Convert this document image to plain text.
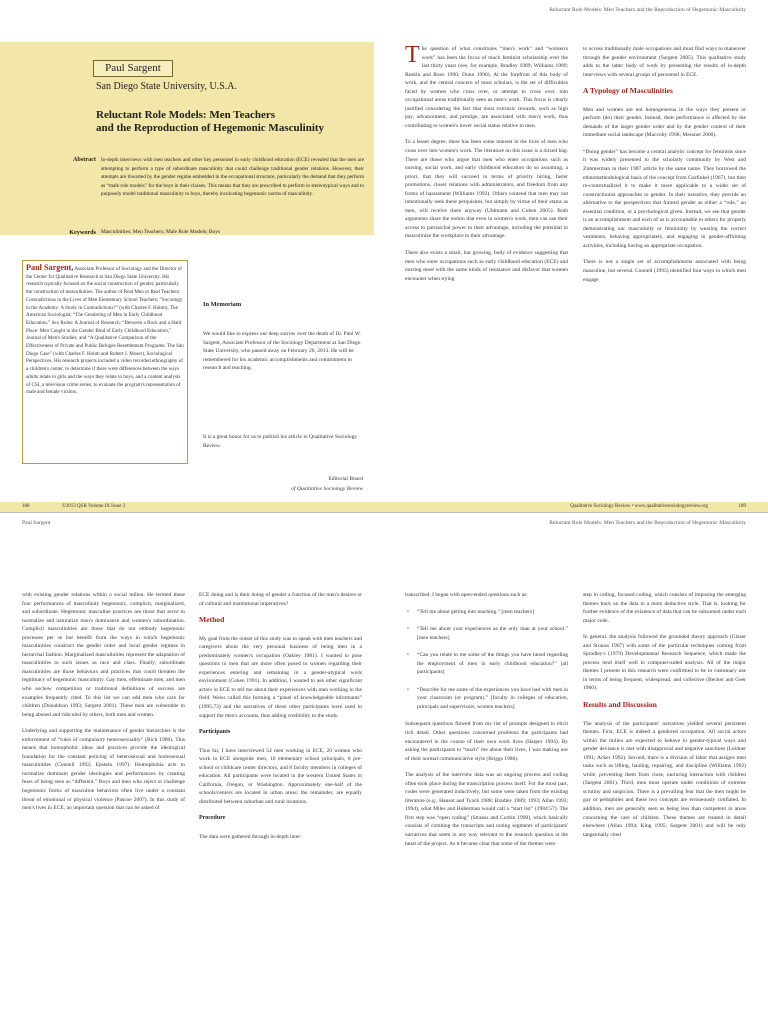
Reluctant Role Models: Men Teachers and the Reproduction of Hegemonic Masculinity
Paul Sargent
San Diego State University, U.S.A.
Reluctant Role Models: Men Teachers
and the Reproduction of Hegemonic Masculinity
Abstract In-depth interviews with men teachers and other key personnel in early childhood education (ECE) revealed that the men are attempting to perform a type of subordinate masculinity that could challenge traditional gender relations. However, their attempts are thwarted by the gender regime embedded in the occupational structure, particularly the demand that they perform as “male role models” for the boys in their classes. This means that they are prescribed to perform in stereotypical ways and to purposely model traditional masculinity to boys, thereby inculcating hegemonic norms of masculinity.
Keywords Masculinities; Men Teachers; Male Role Models; Boys
Paul Sargent, Associate Professor of Sociology and the Director of the Center for Qualitative Research at San Diego State University. His research typically focused on the social construction of gender, particularly the construction of masculinities. The author of Real Men or Real Teachers: Contradictions in the Lives of Men Elementary School Teachers; “Sociology in the Academy: A Study in Contradictions?” (with Charles F. Hohm), The American Sociologist; “The Gendering of Men in Early Childhood Education,” Sex Roles: A Journal of Research; “Between a Rock and a Hard Place: Men Caught in the Gender Bind of Early Childhood Education,” Journal of Men's Studies; and “A Qualitative Comparison of the Effectiveness of Private and Public Refugee Resettlement Programs: The San Diego Case” (with Charles F. Hohm and Robert J. Moser), Sociological Perspectives. His research projects included a video recorded ethnography of a children's center, to determine if there were differences between the ways adults relate to girls and the ways they relate to boys, and a content analysis of CSI, a television crime series, to evaluate the program's representation of male and female victims.
In Memoriam
We would like to express our deep sorrow over the death of Dr. Paul W. Sargent, Associate Professor of the Sociology Department at San Diego State University, who passed away on February 20, 2013. He will be remembered for his academic accomplishments and commitment to research and teaching.
It is a great honor for us to publish his article in Qualitative Sociology Review.
Editorial Board
of Qualitative Sociology Review

The question of what constitutes “men's work” and “women's work” has been the focus of much feminist scholarship over the last thirty years (see, for example, Bradley 1989; Williams 1989; Reskin and Roos 1990; Dunn 1996). At the forefront of this body of work, and the central concern of most scholars, is the set of difficulties faced by women who cross over, or attempt to cross over, into occupational areas traditionally seen as men's work. This focus is clearly justified considering the fact that most extrinsic rewards, such as high pay, advancement, and prestige, are associated with men's work, thus contributing to women's lower social status relative to men.

To a lesser degree, there has been some interest in the lives of men who cross over into women's work. The literature on this issue is a mixed bag. There are those who argue that men who enter occupations such as nursing, social work, and early childhood education do so assuming, a priori, that they will succeed in terms of priority hiring, faster promotions, closer relations with administrators, and freedom from any forms of harassment (Williams 1992). Others contend that men may not intentionally seek these perquisites, but simply by virtue of their status as men, will receive them anyway (Uhlmann and Cohen 2005). Both arguments share the notion that even in women's work, men can use their access to patriarchal power to their advantage, including the potential to masculinize the workplace to their advantage.

There also exists a small, but growing, body of evidence suggesting that men who enter occupations such as early childhood education (ECE) and nursing meet with the same kinds of resistance and disfavor that women encounter when trying

to access traditionally male occupations and must find ways to maneuver through the gender environment (Sargent 2005). This qualitative study adds to the latter body of work by presenting the results of in-depth interviews with several groups of personnel in ECE.

A Typology of Masculinities

Men and women are not homogeneous in the ways they present or perform (do) their gender. Instead, their performance is affected by the demands of the larger gender order and by the gender context of their immediate social landscape (Maccoby 1998; Messner 2000).

“Doing gender” has become a central analytic concept for feminists since it was widely presented to the scholarly community by West and Zimmerman in their 1987 article by the same name. They borrowed the ethnomethodological basis of the concept from Garfinkel (1967), but then re-contextualized it to make it more applicable to a wider set of constructionist approaches to gender. In their narrative, they provide an alternative to the perspectives that framed gender as either a “role,” an essential condition, or a psychological given. Instead, we see that gender is an accomplishment and each of us is accountable to others for properly demonstrating our masculinity or femininity by wearing the correct vestments, behaving appropriately, and engaging in gender-affirming activities, including having an appropriate occupation.

There is not a single set of accomplishments associated with being masculine, but several. Connell (1995) identified four ways in which men engage

188	©2013 QSR Volume IX Issue 3	Qualitative Sociology Review • www.qualitativesociologyreview.org	189
Paul Sargent	Reluctant Role Models: Men Teachers and the Reproduction of Hegemonic Masculinity

with existing gender relations within a social milieu. He termed these four performances of masculinity hegemonic, complicit, marginalized, and subordinate. Hegemonic masculine practices are those that serve to normalize and naturalize men's dominance and women's subordination. Complicit masculinities are those that do not embody hegemonic processes per se but benefit from the ways in which hegemonic masculinities construct the gender order and local gender regimes in hierarchal fashion. Marginalized masculinities represent the adaptation of masculinities to such issues as race and class. Finally, subordinate masculinities are those behaviors and practices that could threaten the legitimacy of hegemonic masculinity. Gay men, effeminate men, and men who eschew competition or traditional definitions of success are examples frequently cited. To this list we can add men who care for children (Donaldson 1993; Sargent 2001). These men are vulnerable to being abused and ridiculed by others, both men and women.

Underlying and supporting the maintenance of gender hierarchies is the enforcement of “rules of compulsory heterosexuality” (Rich 1980). This means that homophobic ideas and practices provide the ideological foundation for the constant policing of heterosexual and homosexual masculinities (Connell 1992; Epstein 1997). Homophobia acts to normalize dominant gender ideologies and performances by creating fears of being seen as “different.” Boys and men who reject or challenge hegemonic forms of masculine behaviors often live under a constant threat of emotional or physical violence (Pascoe 2007). In this study of men's lives in ECE, an important question that can be asked of

ECE doing and is their doing of gender a function of the men's desires or of cultural and institutional imperatives?

Method

My goal from the outset of this study was to speak with men teachers and caregivers about the very personal business of being men in a predominately women's occupation (Oakley 1981). I wanted to pose questions to men that are more often posed to women regarding their experiences entering and remaining in a gender-atypical work environment (Cohen 1991). In addition, I wanted to ask other significant actors in ECE to tell me about their experiences with men working in the field. Weiss called this forming a “panel of knowledgeable informants” (1995:73) and the narratives of these other participants were used to support the men's accounts, thus adding credibility to the study.

Participants

Thus far, I have interviewed 54 men working in ECE, 20 women who work in ECE alongside men, 10 elementary school principals, 6 pre-school or childcare center directors, and 8 faculty members in colleges of education. All participants were located in the western United States in California, Oregon, or Washington. Approximately one-half of the schools/centers are located in urban areas; the remainder, are equally distributed between suburban and rural locations.

Procedure

The data were gathered through in-depth inter-

transcribed. I began with open-ended questions such as:

• “Tell me about getting into teaching.” [men teachers]
• “Tell me about your experiences as the only man at your school.” [men teachers]
• “Can you relate to me some of the things you have heard regarding the employment of men in early childhood education?” [all participants]
• “Describe for me some of the experiences you have had with men in your classroom (or program).” [faculty in colleges of education, principals and supervisors, women teachers]

Subsequent questions flowed from my list of prompts designed to elicit rich detail. Other questions concerned problems the participants had encountered in the course of their own work lives (Harper 1994). By asking the participants to “teach” me about their lives, I was making use of their normal communicative style (Briggs 1986).

The analysis of the interview data was an ongoing process and coding often took place during the transcription process itself. For the most part, codes were generated inductively, but some were taken from the existing literature (e.g., Hansot and Tyack 1988; Bradley 1989; 1993; Allan 1993; 1994), what Miles and Huberman would call a “start list” (1984:57). The first step was “open coding” (Strauss and Corbin 1990), which basically consists of combing the transcripts and noting segments of participants' narratives that seem in any way relevant to the research question at the heart of the project. As it became clear that some of the themes were

step in coding, focused coding, which consists of imposing the emerging themes back on the data in a more deductive style. That is, looking for further evidence of the existence of data that can be subsumed under each major code.

In general, the analysis followed the grounded theory approach (Glaser and Strauss 1967) with some of the particular techniques coming from Spradley's (1979) Developmental Research Sequence, which made the process lend itself well to computer-aided analysis. All of the major themes I present in this research were confirmed to be in customary use in terms of being frequent, widespread, and collective (Becker and Geer 1960).

Results and Discussion

The analysis of the participants' narratives yielded several persistent themes. First, ECE is indeed a gendered occupation. All social actors within the milieu are expected to behave in gender-typical ways and gender deviance is met with disapproval and negative sanctions (Leidner 1991; Acker 1992). Second, there is a division of labor that assigns men tasks such as lifting, hauling, repairing, and discipline (Williams 1992) while, preventing them from close, nurturing interaction with children (Sargent 2001). Third, men must operate under conditions of extreme scrutiny and suspicion. There is a prevailing fear that the men might be gay or pedophiles and these two concepts are erroneously conflated. In addition, men are generally seen as being less than competent in areas concerning the care of children. These themes are treated in detail elsewhere (Allan 1994; King 1995; Sargent 2001) and will be only tangentially cited
